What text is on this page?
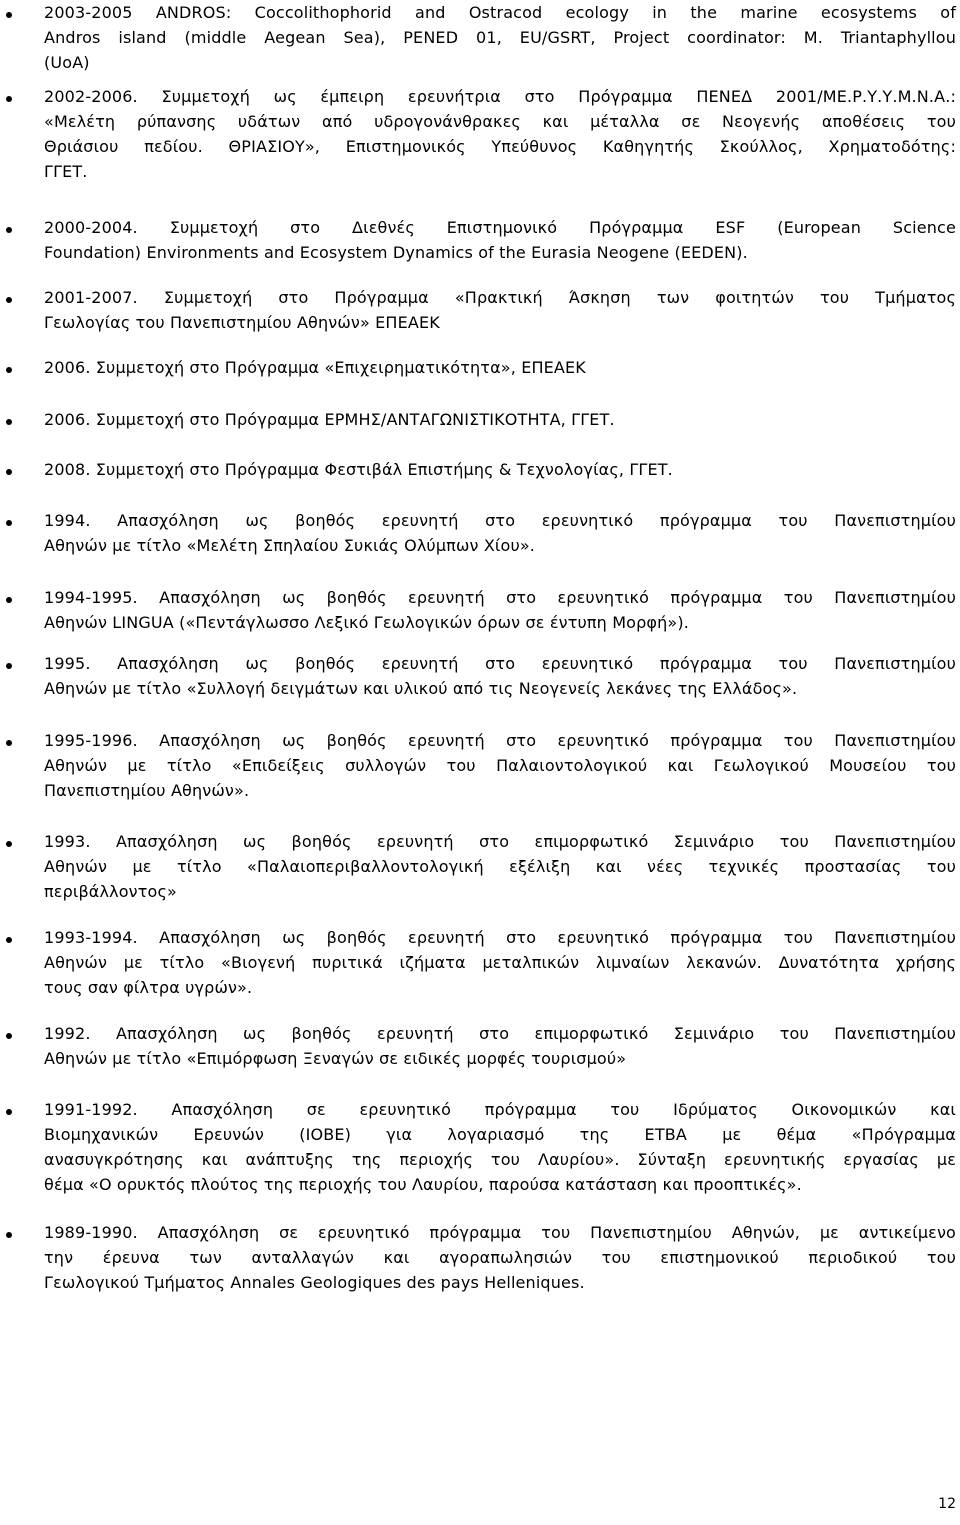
2003-2005 ANDROS: Coccolithophorid and Ostracod ecology in the marine ecosystems of
Andros island (middle Aegean Sea), PENED 01, EU/GSRT, Project coordinator: M. Triantaphyllou
(UoA)
2002-2006. Συμμετοχή ως έμπειρη ερευνήτρια στο Πρόγραμμα ΠΕΝΕΔ 2001/ΜΕ.Ρ.Υ.Υ.Μ.Ν.Α.:
«Μελέτη ρύπανσης υδάτων από υδρογονάνθρακες και μέταλλα σε Νεογενής αποθέσεις του
Θριάσιου πεδίου. ΘΡΙΑΣΙΟΥ», Επιστημονικός Υπεύθυνος Καθηγητής Σκούλλος, Χρηματοδότης:
ΓΓΕΤ.
2000-2004. Συμμετοχή στο Διεθνές Επιστημονικό Πρόγραμμα ESF (European Science
Foundation) Environments and Ecosystem Dynamics of the Eurasia Neogene (EEDEN).
2001-2007. Συμμετοχή στο Πρόγραμμα «Πρακτική Άσκηση των φοιτητών του Τμήματος
Γεωλογίας του Πανεπιστημίου Αθηνών» ΕΠΕΑΕΚ
2006. Συμμετοχή στο Πρόγραμμα «Επιχειρηματικότητα», ΕΠΕΑΕΚ
2006. Συμμετοχή στο Πρόγραμμα ΕΡΜΗΣ/ΑΝΤΑΓΩΝΙΣΤΙΚΟΤΗΤΑ, ΓΓΕΤ.
2008. Συμμετοχή στο Πρόγραμμα Φεστιβάλ Επιστήμης & Τεχνολογίας, ΓΓΕΤ.
1994. Απασχόληση ως βοηθός ερευνητή στο ερευνητικό πρόγραμμα του Πανεπιστημίου
Αθηνών με τίτλο «Μελέτη Σπηλαίου Συκιάς Ολύμπων Χίου».
1994-1995. Απασχόληση ως βοηθός ερευνητή στο ερευνητικό πρόγραμμα του Πανεπιστημίου
Αθηνών LINGUA («Πεντάγλωσσο Λεξικό Γεωλογικών όρων σε έντυπη Μορφή»).
1995. Απασχόληση ως βοηθός ερευνητή στο ερευνητικό πρόγραμμα του Πανεπιστημίου
Αθηνών με τίτλο «Συλλογή δειγμάτων και υλικού από τις Νεογενείς λεκάνες της Ελλάδος».
1995-1996. Απασχόληση ως βοηθός ερευνητή στο ερευνητικό πρόγραμμα του Πανεπιστημίου
Αθηνών με τίτλο «Επιδείξεις συλλογών του Παλαιοντολογικού και Γεωλογικού Μουσείου του
Πανεπιστημίου Αθηνών».
1993. Απασχόληση ως βοηθός ερευνητή στο επιμορφωτικό Σεμινάριο του Πανεπιστημίου
Αθηνών με τίτλο «Παλαιοπεριβαλλοντολογική εξέλιξη και νέες τεχνικές προστασίας του
περιβάλλοντος»
1993-1994. Απασχόληση ως βοηθός ερευνητή στο ερευνητικό πρόγραμμα του Πανεπιστημίου
Αθηνών με τίτλο «Βιογενή πυριτικά ιζήματα μεταλπικών λιμναίων λεκανών. Δυνατότητα χρήσης
τους σαν φίλτρα υγρών».
1992. Απασχόληση ως βοηθός ερευνητή στο επιμορφωτικό Σεμινάριο του Πανεπιστημίου
Αθηνών με τίτλο «Επιμόρφωση Ξεναγών σε ειδικές μορφές τουρισμού»
1991-1992. Απασχόληση σε ερευνητικό πρόγραμμα του Ιδρύματος Οικονομικών και
Βιομηχανικών Ερευνών (ΙΟΒΕ) για λογαριασμό της ΕΤΒΑ με θέμα «Πρόγραμμα
ανασυγκρότησης και ανάπτυξης της περιοχής του Λαυρίου». Σύνταξη ερευνητικής εργασίας με
θέμα «Ο ορυκτός πλούτος της περιοχής του Λαυρίου, παρούσα κατάσταση και προοπτικές».
1989-1990. Απασχόληση σε ερευνητικό πρόγραμμα του Πανεπιστημίου Αθηνών, με αντικείμενο
την έρευνα των ανταλλαγών και αγοραπωλησιών του επιστημονικού περιοδικού του
Γεωλογικού Τμήματος Annales Geologiques des pays Helleniques.
12
